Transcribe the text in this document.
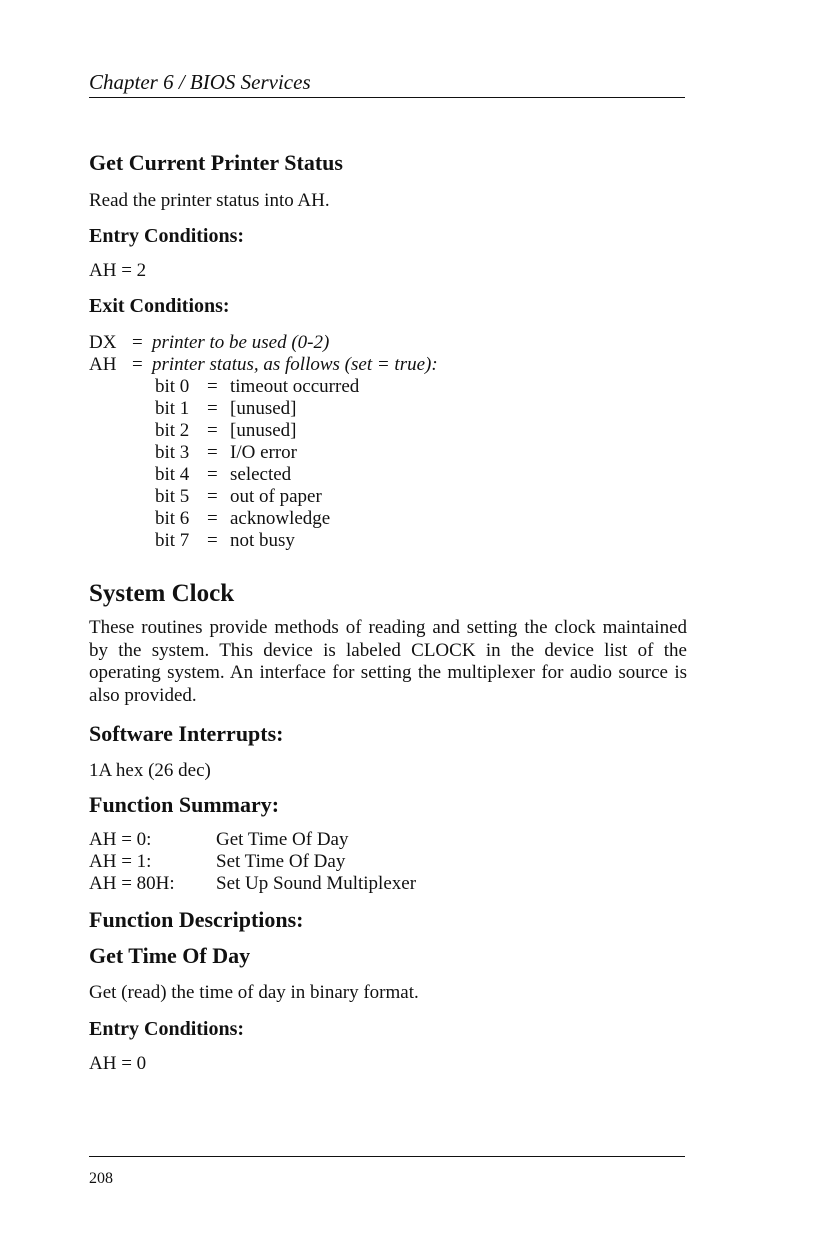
Chapter 6 / BIOS Services
Get Current Printer Status
Read the printer status into AH.
Entry Conditions:
AH = 2
Exit Conditions:
DX = printer to be used (0-2)
AH = printer status, as follows (set = true):
bit 0 = timeout occurred
bit 1 = [unused]
bit 2 = [unused]
bit 3 = I/O error
bit 4 = selected
bit 5 = out of paper
bit 6 = acknowledge
bit 7 = not busy
System Clock
These routines provide methods of reading and setting the clock maintained by the system. This device is labeled CLOCK in the device list of the operating system. An interface for setting the multiplexer for audio source is also provided.
Software Interrupts:
1A hex (26 dec)
Function Summary:
AH = 0:	Get Time Of Day
AH = 1:	Set Time Of Day
AH = 80H: Set Up Sound Multiplexer
Function Descriptions:
Get Time Of Day
Get (read) the time of day in binary format.
Entry Conditions:
AH = 0
208
